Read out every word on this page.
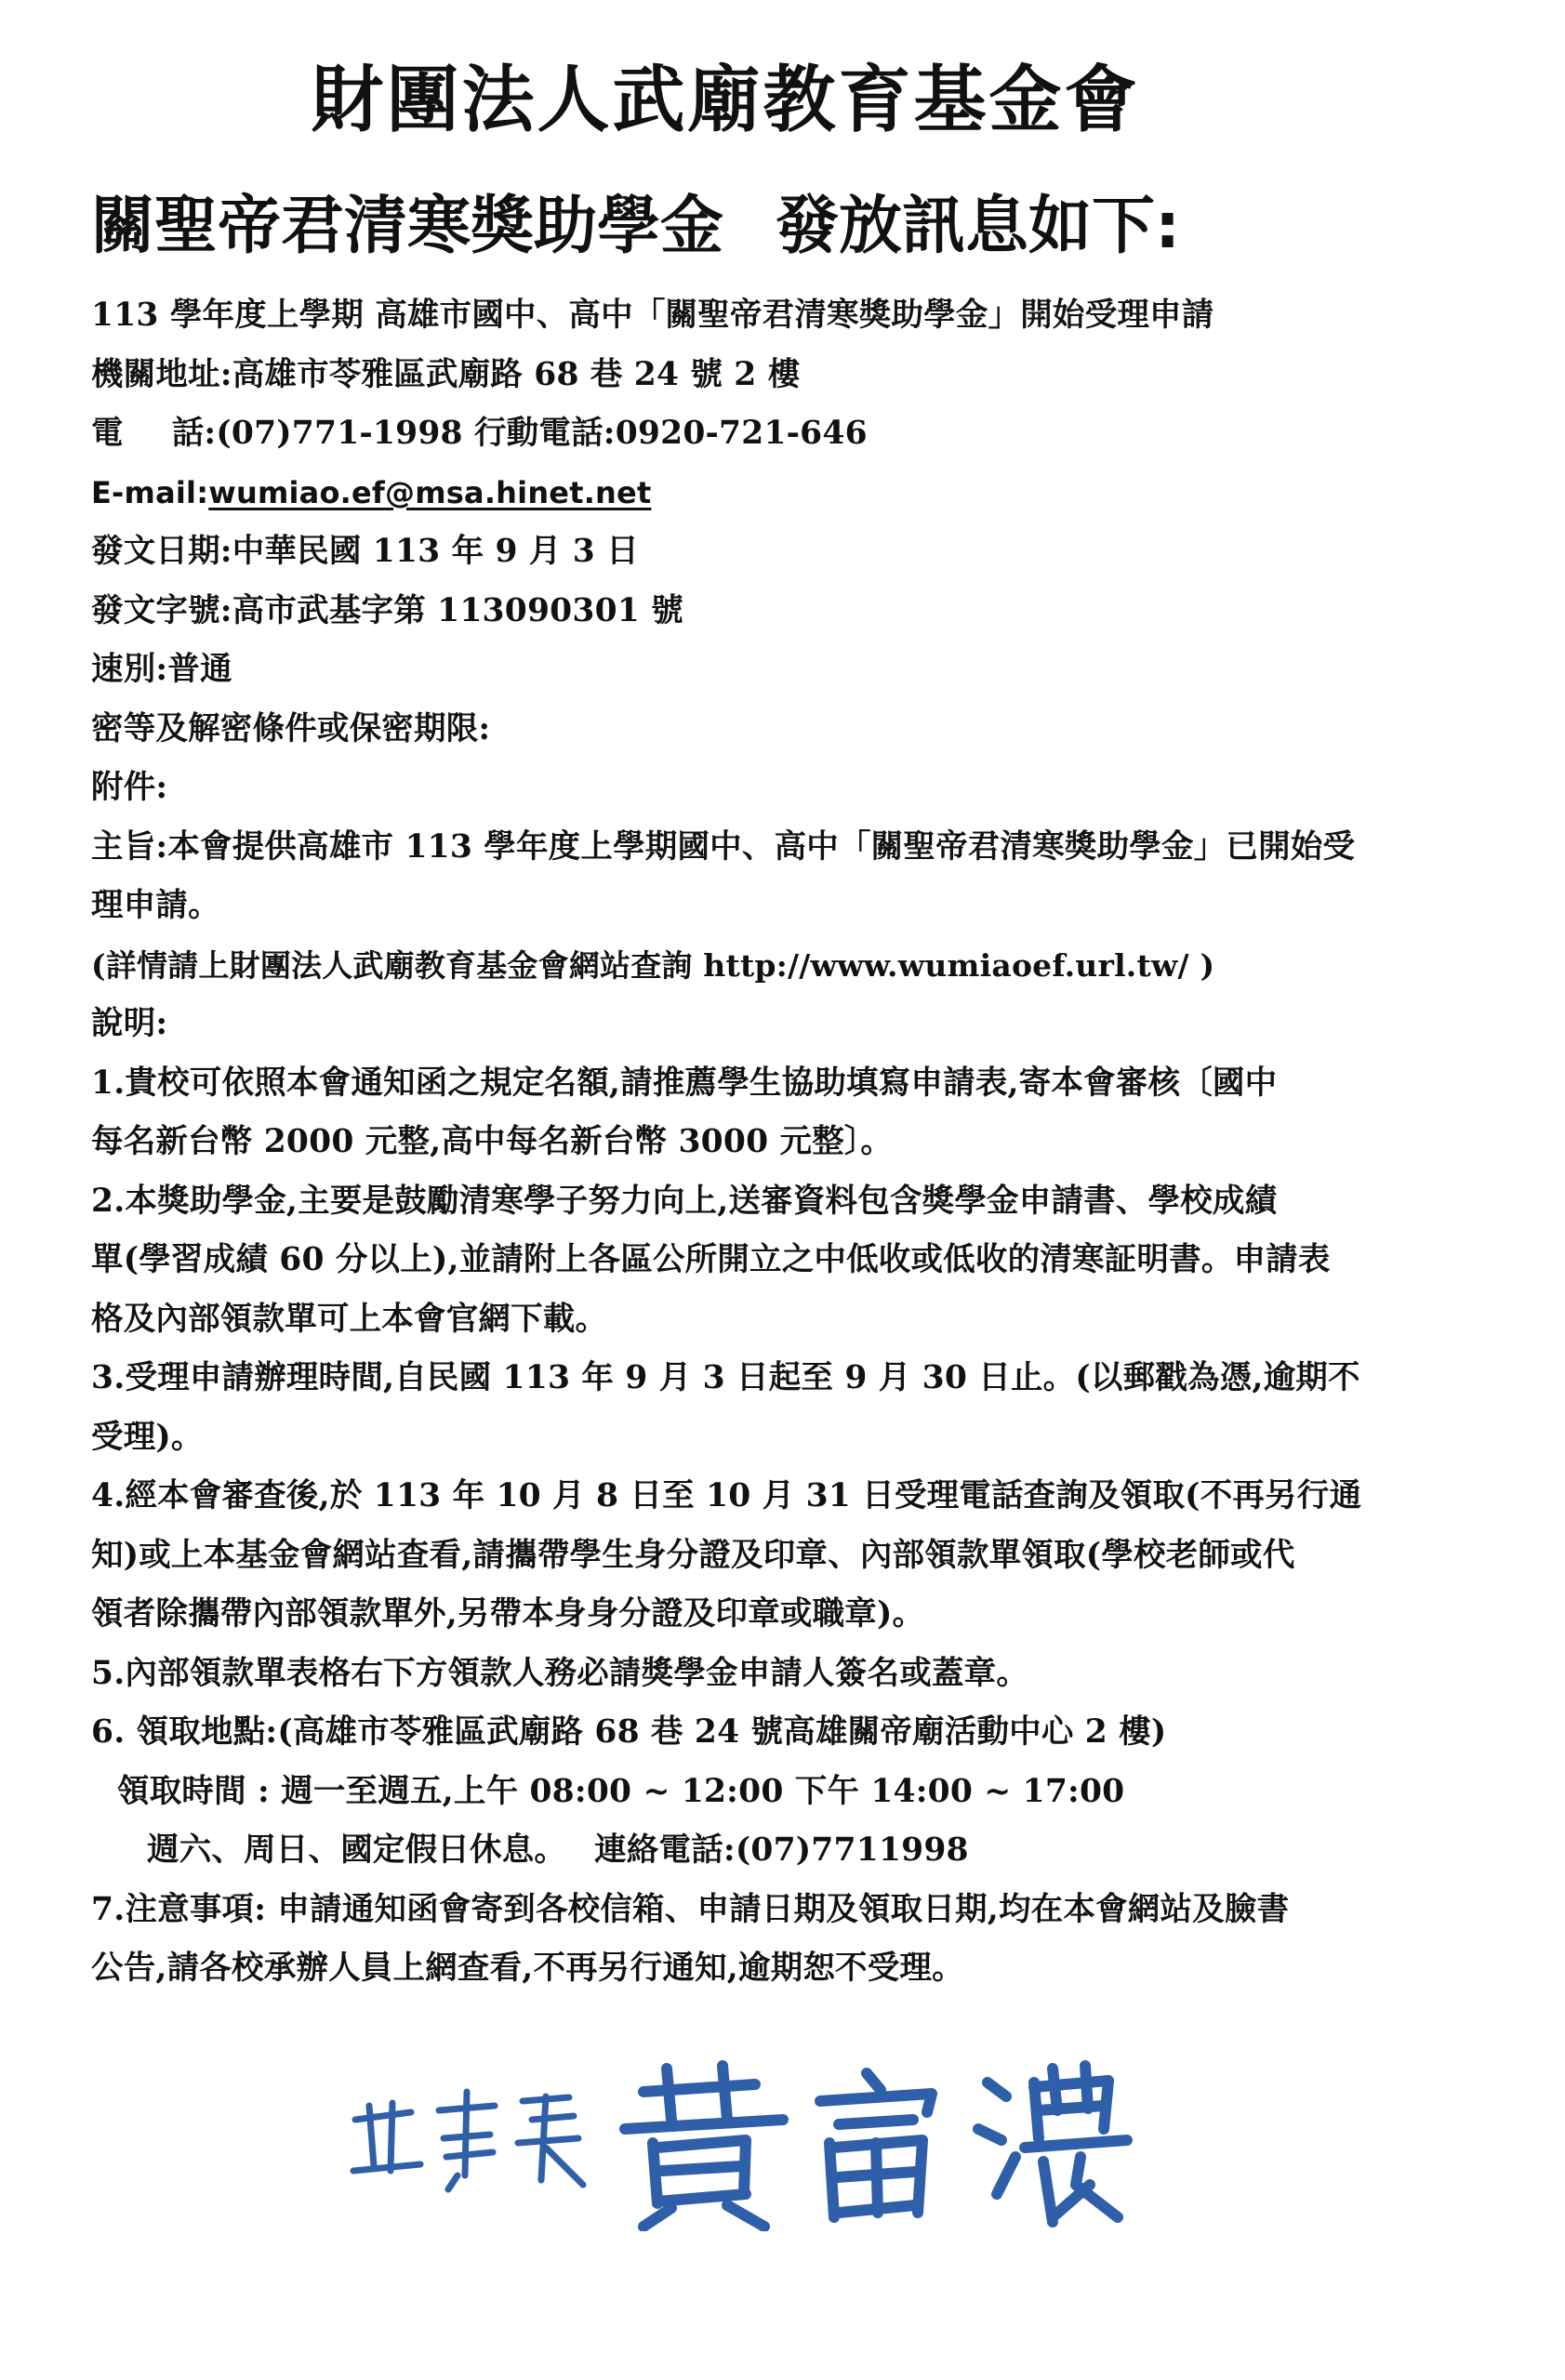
財團法人武廟教育基金會
關聖帝君清寒獎助學金 發放訊息如下:
113 學年度上學期 高雄市國中、高中「關聖帝君清寒獎助學金」開始受理申請
機關地址:高雄市苓雅區武廟路 68 巷 24 號 2 樓
電 話:(07)771-1998 行動電話:0920-721-646
E-mail:wumiao.ef@msa.hinet.net
發文日期:中華民國 113 年 9 月 3 日
發文字號:高市武基字第 113090301 號
速別:普通
密等及解密條件或保密期限:
附件:
主旨:本會提供高雄市 113 學年度上學期國中、高中「關聖帝君清寒獎助學金」已開始受
理申請。
(詳情請上財團法人武廟教育基金會網站查詢 http://www.wumiaoef.url.tw/ )
說明:
1.貴校可依照本會通知函之規定名額,請推薦學生協助填寫申請表,寄本會審核〔國中
每名新台幣 2000 元整,高中每名新台幣 3000 元整〕。
2.本獎助學金,主要是鼓勵清寒學子努力向上,送審資料包含獎學金申請書、學校成績
單(學習成績 60 分以上),並請附上各區公所開立之中低收或低收的清寒証明書。申請表
格及內部領款單可上本會官網下載。
3.受理申請辦理時間,自民國 113 年 9 月 3 日起至 9 月 30 日止。(以郵戳為憑,逾期不
受理)。
4.經本會審查後,於 113 年 10 月 8 日至 10 月 31 日受理電話查詢及領取(不再另行通
知)或上本基金會網站查看,請攜帶學生身分證及印章、內部領款單領取(學校老師或代
領者除攜帶內部領款單外,另帶本身身分證及印章或職章)。
5.內部領款單表格右下方領款人務必請獎學金申請人簽名或蓋章。
6. 領取地點:(高雄市苓雅區武廟路 68 巷 24 號高雄關帝廟活動中心 2 樓)
領取時間 : 週一至週五,上午 08:00 ~ 12:00 下午 14:00 ~ 17:00
週六、周日、國定假日休息。 連絡電話:(07)7711998
7.注意事項: 申請通知函會寄到各校信箱、申請日期及領取日期,均在本會網站及臉書
公告,請各校承辦人員上網查看,不再另行通知,逾期恕不受理。
